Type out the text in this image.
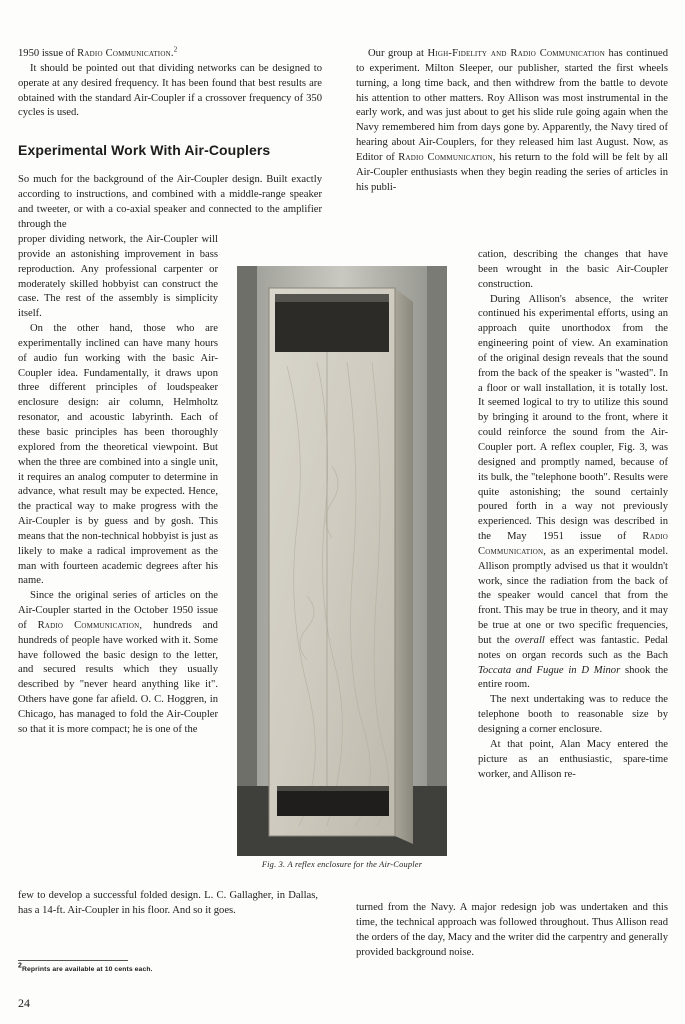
1950 issue of Radio Communication.$^2$

It should be pointed out that dividing networks can be designed to operate at any desired frequency. It has been found that best results are obtained with the standard Air-Coupler if a crossover frequency of 350 cycles is used.

Experimental Work With Air-Couplers

So much for the background of the Air-Coupler design. Built exactly according to instructions, and combined with a middle-range speaker and tweeter, or with a co-axial speaker and connected to the amplifier through the

proper dividing network, the Air-Coupler will provide an astonishing improvement in bass reproduction. Any professional carpenter or moderately skilled hobbyist can construct the case. The rest of the assembly is simplicity itself.

On the other hand, those who are experimentally inclined can have many hours of audio fun working with the basic Air-Coupler idea. Fundamentally, it draws upon three different principles of loudspeaker enclosure design: air column, Helmholtz resonator, and acoustic labyrinth. Each of these basic principles has been thoroughly explored from the theoretical viewpoint. But when the three are combined into a single unit, it requires an analog computer to determine in advance, what result may be expected. Hence, the practical way to make progress with the Air-Coupler is by guess and by gosh. This means that the non-technical hobbyist is just as likely to make a radical improvement as the man with fourteen academic degrees after his name.

Since the original series of articles on the Air-Coupler started in the October 1950 issue of Radio Communication, hundreds and hundreds of people have worked with it. Some have followed the basic design to the letter, and secured results which they usually described by "never heard anything like it". Others have gone far afield. O. C. Hoggren, in Chicago, has managed to fold the Air-Coupler so that it is more compact; he is one of the

few to develop a successful folded design. L. C. Gallagher, in Dallas, has a 14-ft. Air-Coupler in his floor. And so it goes.

Our group at High-Fidelity and Radio Communication has continued to experiment. Milton Sleeper, our publisher, started the first wheels turning, a long time back, and then withdrew from the battle to devote his attention to other matters. Roy Allison was most instrumental in the early work, and was just about to get his slide rule going again when the Navy remembered him from days gone by. Apparently, the Navy tired of hearing about Air-Couplers, for they released him last August. Now, as Editor of Radio Communication, his return to the fold will be felt by all Air-Coupler enthusiasts when they begin reading the series of articles in his publi-

cation, describing the changes that have been wrought in the basic Air-Coupler construction.

During Allison's absence, the writer continued his experimental efforts, using an approach quite unorthodox from the engineering point of view. An examination of the original design reveals that the sound from the back of the speaker is "wasted". In a floor or wall installation, it is totally lost. It seemed logical to try to utilize this sound by bringing it around to the front, where it could reinforce the sound from the Air-Coupler port. A reflex coupler, Fig. 3, was designed and promptly named, because of its bulk, the "telephone booth". Results were quite astonishing; the sound certainly poured forth in a way not previously experienced. This design was described in the May 1951 issue of Radio Communication, as an experimental model. Allison promptly advised us that it wouldn't work, since the radiation from the back of the speaker would cancel that from the front. This may be true in theory, and it may be true at one or two specific frequencies, but the overall effect was fantastic. Pedal notes on organ records such as the Bach Toccata and Fugue in D Minor shook the entire room.

The next undertaking was to reduce the telephone booth to reasonable size by designing a corner enclosure.

At that point, Alan Macy entered the picture as an enthusiastic, spare-time worker, and Allison re-

turned from the Navy. A major redesign job was undertaken and this time, the technical approach was followed throughout. Thus Allison read the orders of the day, Macy and the writer did the carpentry and generally provided background noise.

Fig. 3. A reflex enclosure for the Air-Coupler
$^2$Reprints are available at 10 cents each.
24
